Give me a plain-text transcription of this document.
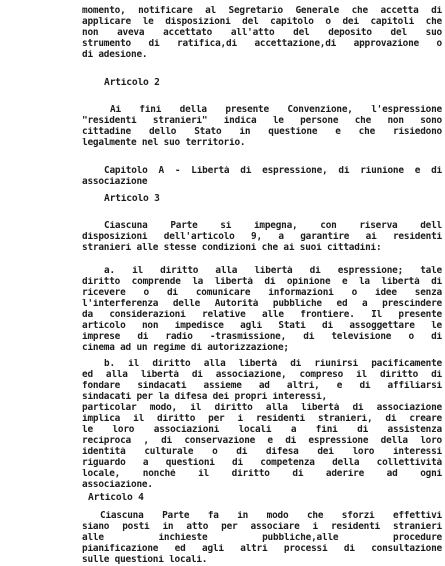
momento, notificare al Segretario Generale che accetta di
applicare le disposizioni del capitolo o dei capitoli che
non aveva accettato all'atto del deposito del suo
strumento di ratifica,di accettazione,di approvazione o
di adesione.
Articolo 2
Ai fini della presente Convenzione, l'espressione
"residenti stranieri" indica le persone che non sono
cittadine dello Stato in questione e che risiedono
legalmente nel suo territorio.
Capitolo A - Libertà di espressione, di riunione e di
associazione
Articolo 3
Ciascuna Parte si impegna, con riserva dell
disposizioni dell'articolo 9, a garantire ai residenti
stranieri alle stesse condizioni che ai suoi cittadini:
a. il diritto alla libertà di espressione; tale
diritto comprende la libertà di opinione e la libertà di
ricevere o di comunicare informazioni o idee senza
l'interferenza delle Autorità pubbliche ed a prescindere
da considerazioni relative alle frontiere. Il presente
articolo non impedisce agli Stati di assoggettare le
imprese di radio -trasmissione, di televisione o di
cinema ad un regime di autorizzazione;
b. il diritto alla libertà di riunirsi pacificamente
ed alla libertà di associazione, compreso il diritto di
fondare sindacati assieme ad altri, e di affiliarsi
sindacati per la difesa dei propri interessi,
particolar modo, il diritto alla libertà di associazione
implica il diritto per i residenti stranieri, di creare
le loro associazioni locali a fini di assistenza
reciproca , di conservazione e di espressione della loro
identità culturale o di difesa dei loro interessi
riguardo a questioni di competenza della collettività
locale, nonché il diritto di aderire ad ogni
associazione.
Articolo 4
Ciascuna Parte fa in modo che sforzi effettivi
siano posti in atto per associare i residenti stranieri
alle inchieste pubbliche,alle procedure
pianificazione ed agli altri processi di consultazione
sulle questioni locali.
